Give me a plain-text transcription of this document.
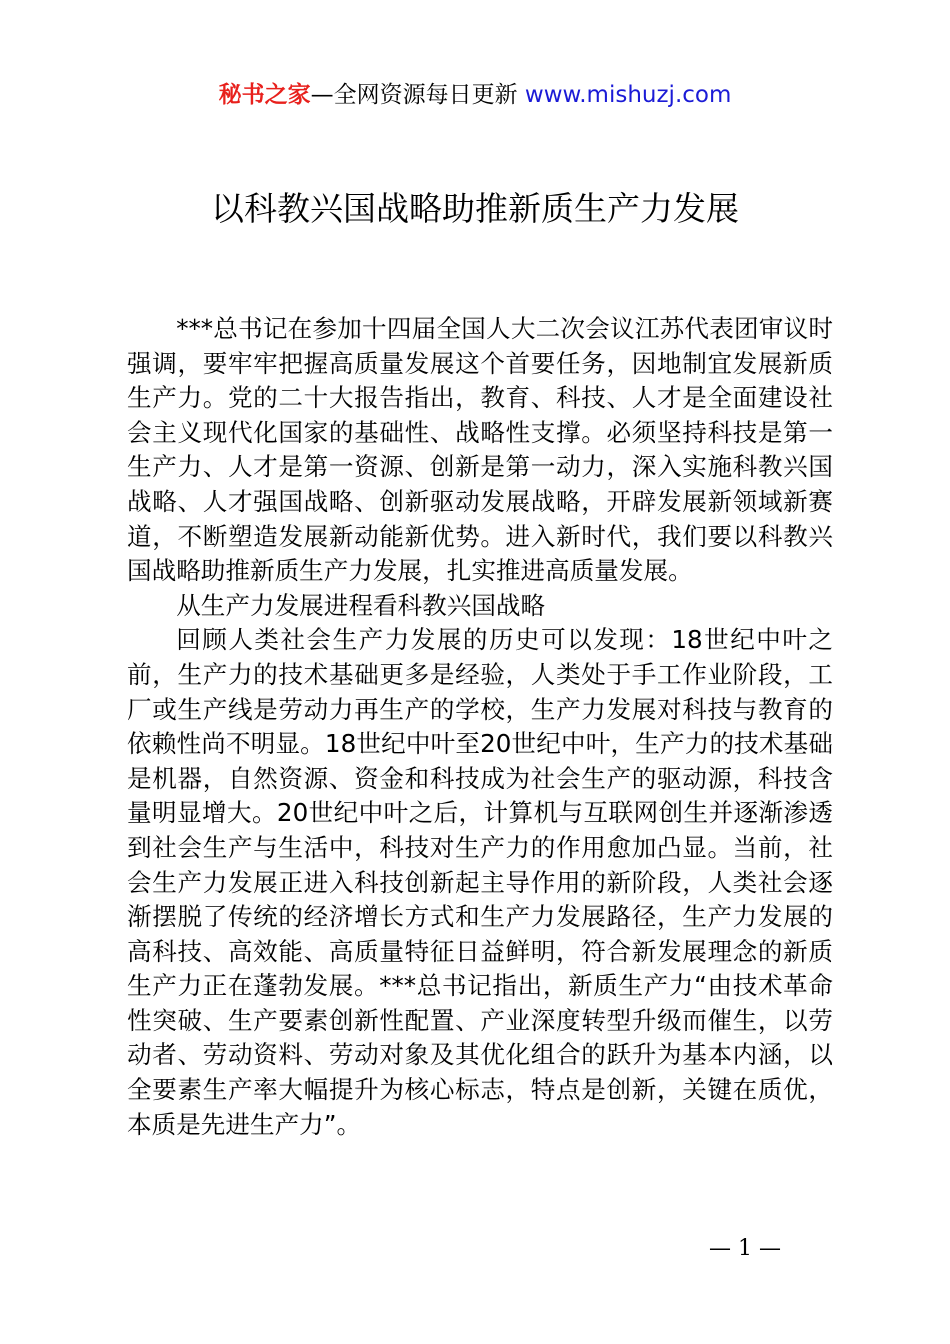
秘书之家—全网资源每日更新 www.mishuzj.com
以科教兴国战略助推新质生产力发展

***总书记在参加十四届全国人大二次会议江苏代表团审议时强调，要牢牢把握高质量发展这个首要任务，因地制宜发展新质生产力。党的二十大报告指出，教育、科技、人才是全面建设社会主义现代化国家的基础性、战略性支撑。必须坚持科技是第一生产力、人才是第一资源、创新是第一动力，深入实施科教兴国战略、人才强国战略、创新驱动发展战略，开辟发展新领域新赛道，不断塑造发展新动能新优势。进入新时代，我们要以科教兴国战略助推新质生产力发展，扎实推进高质量发展。

从生产力发展进程看科教兴国战略

回顾人类社会生产力发展的历史可以发现：18世纪中叶之前，生产力的技术基础更多是经验，人类处于手工作业阶段，工厂或生产线是劳动力再生产的学校，生产力发展对科技与教育的依赖性尚不明显。18世纪中叶至20世纪中叶，生产力的技术基础是机器，自然资源、资金和科技成为社会生产的驱动源，科技含量明显增大。20世纪中叶之后，计算机与互联网创生并逐渐渗透到社会生产与生活中，科技对生产力的作用愈加凸显。当前，社会生产力发展正进入科技创新起主导作用的新阶段，人类社会逐渐摆脱了传统的经济增长方式和生产力发展路径，生产力发展的高科技、高效能、高质量特征日益鲜明，符合新发展理念的新质生产力正在蓬勃发展。***总书记指出，新质生产力“由技术革命性突破、生产要素创新性配置、产业深度转型升级而催生，以劳动者、劳动资料、劳动对象及其优化组合的跃升为基本内涵，以全要素生产率大幅提升为核心标志，特点是创新，关键在质优，本质是先进生产力”。

— 1 —
